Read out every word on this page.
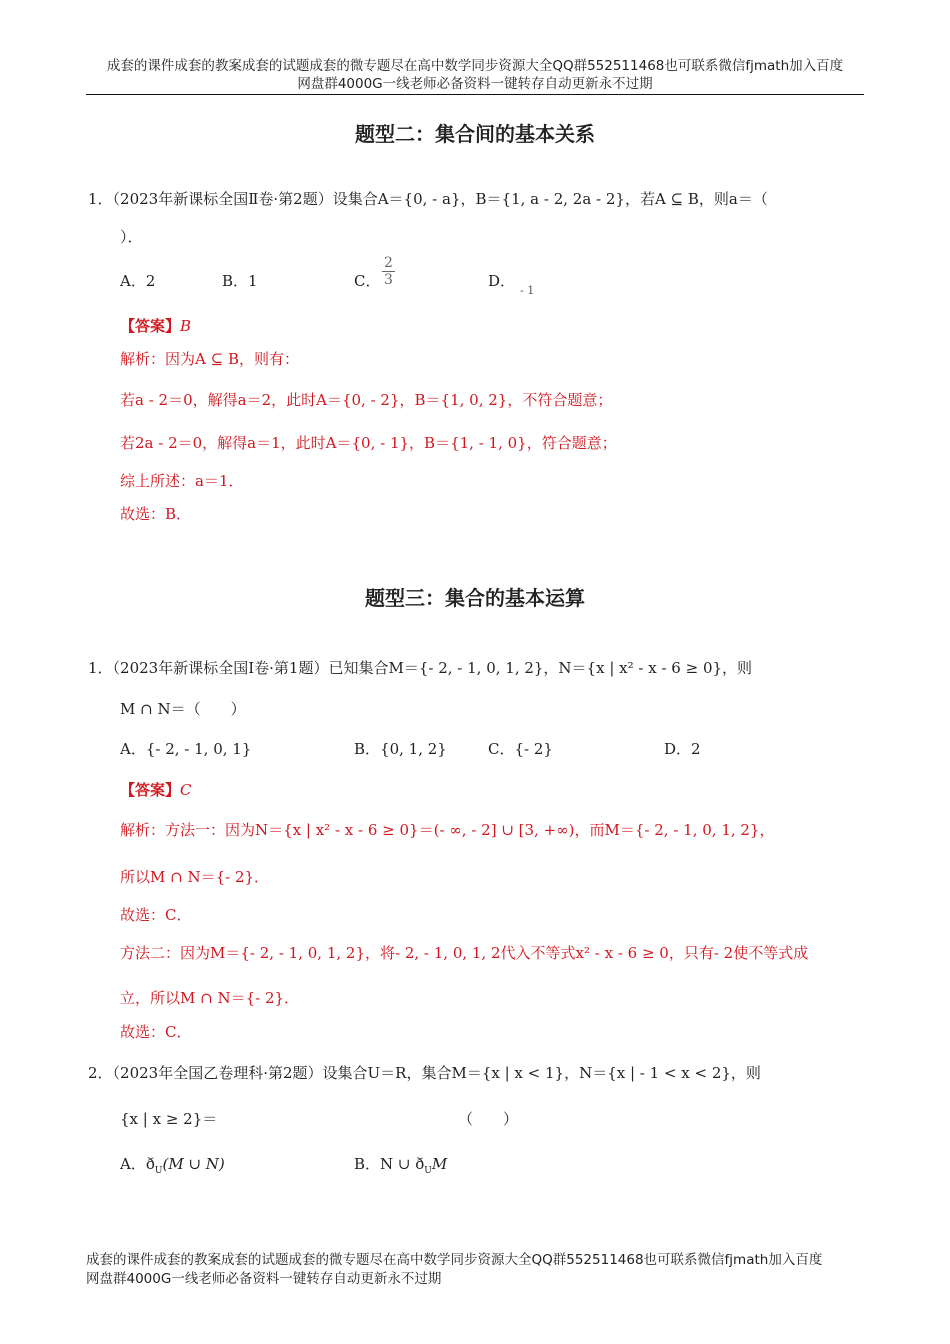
成套的课件成套的教案成套的试题成套的微专题尽在高中数学同步资源大全QQ群552511468也可联系微信fjmath加入百度
网盘群4000G一线老师必备资料一键转存自动更新永不过期
题型二：集合间的基本关系
1．（2023年新课标全国Ⅱ卷·第2题）设集合A＝{0, - a}，B＝{1, a - 2, 2a - 2}，若A ⊆ B，则a＝（
）．
A．2	B．1	C． $\frac{2}{3}$	D．
- 1
【答案】B
解析：因为A ⊆ B，则有：
若a - 2＝0，解得a＝2，此时A＝{0, - 2}，B＝{1, 0, 2}，不符合题意；
若2a - 2＝0，解得a＝1，此时A＝{0, - 1}，B＝{1, - 1, 0}，符合题意；
综上所述：a＝1．
故选：B．
题型三：集合的基本运算
1．（2023年新课标全国Ⅰ卷·第1题）已知集合M＝{- 2, - 1, 0, 1, 2}，N＝{x | x² - x - 6 ≥ 0}，则
M ∩ N＝（　　）
A．{- 2, - 1, 0, 1}	B．{0, 1, 2}	C．{- 2}	D．2
【答案】C
解析：方法一：因为N＝{x | x² - x - 6 ≥ 0}＝(- ∞, - 2] ∪ [3, +∞)，而M＝{- 2, - 1, 0, 1, 2}，
所以M ∩ N＝{- 2}．
故选：C．
方法二：因为M＝{- 2, - 1, 0, 1, 2}，将- 2, - 1, 0, 1, 2代入不等式x² - x - 6 ≥ 0，只有- 2使不等式成
立，所以M ∩ N＝{- 2}．
故选：C．
2．（2023年全国乙卷理科·第2题）设集合U＝R，集合M＝{x | x < 1}，N＝{x | - 1 < x < 2}，则
{x | x ≥ 2}＝	（　　）
A．$ð_U(M$ ∪ N)	B．N ∪ $ð_UM$
成套的课件成套的教案成套的试题成套的微专题尽在高中数学同步资源大全QQ群552511468也可联系微信fjmath加入百度
网盘群4000G一线老师必备资料一键转存自动更新永不过期
